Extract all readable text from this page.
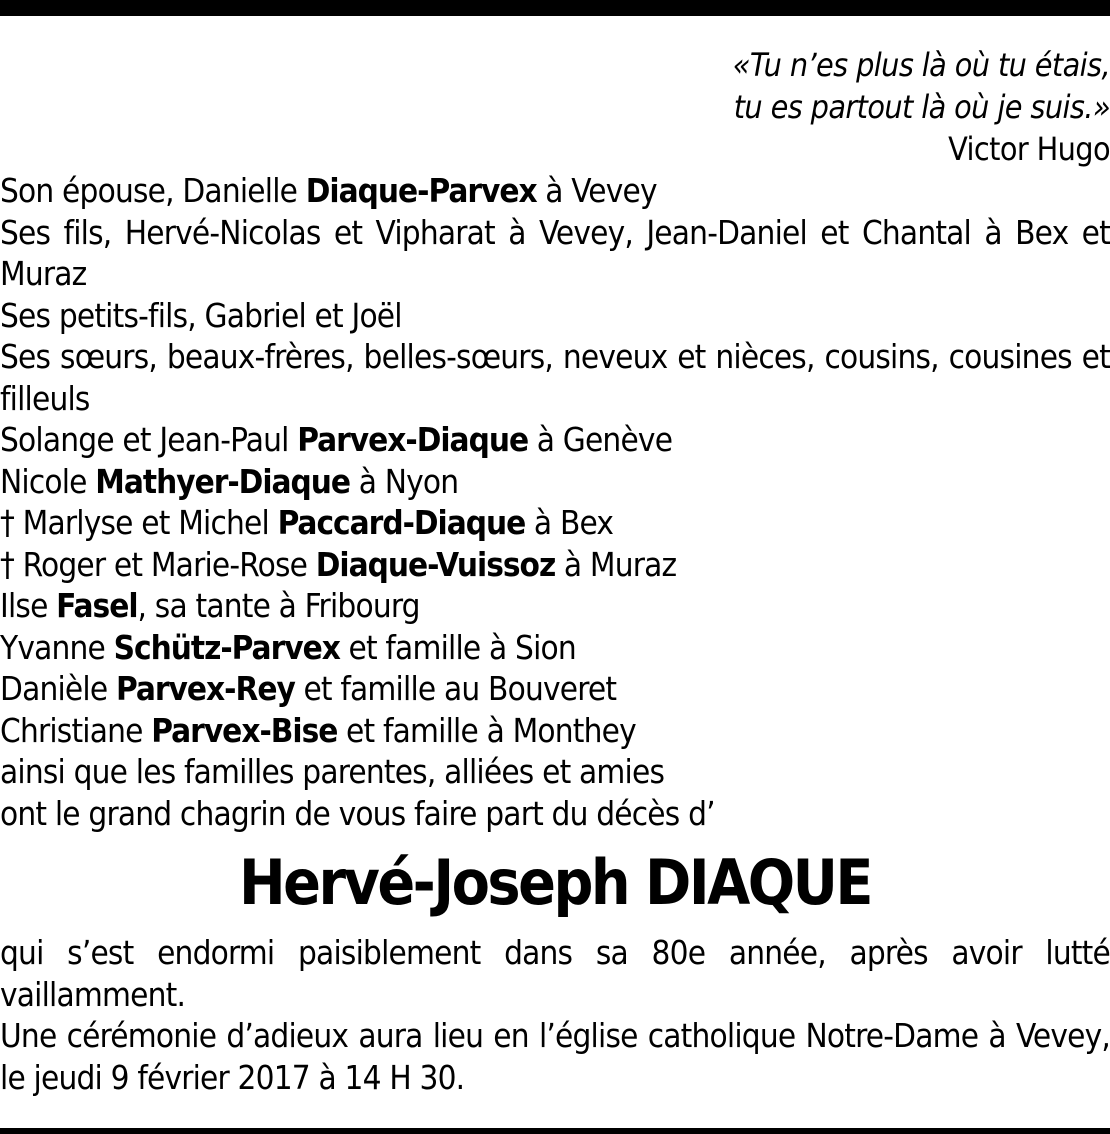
«Tu n’es plus là où tu étais,
tu es partout là où je suis.»
Victor Hugo
Son épouse, Danielle Diaque-Parvex à Vevey
Ses fils, Hervé-Nicolas et Vipharat à Vevey, Jean-Daniel et Chantal à Bex et Muraz
Ses petits-fils, Gabriel et Joël
Ses sœurs, beaux-frères, belles-sœurs, neveux et nièces, cousins, cousines et filleuls
Solange et Jean-Paul Parvex-Diaque à Genève
Nicole Mathyer-Diaque à Nyon
† Marlyse et Michel Paccard-Diaque à Bex
† Roger et Marie-Rose Diaque-Vuissoz à Muraz
Ilse Fasel, sa tante à Fribourg
Yvanne Schütz-Parvex et famille à Sion
Danièle Parvex-Rey et famille au Bouveret
Christiane Parvex-Bise et famille à Monthey
ainsi que les familles parentes, alliées et amies
ont le grand chagrin de vous faire part du décès d’
Hervé-Joseph DIAQUE
qui s’est endormi paisiblement dans sa 80e année, après avoir lutté vaillamment.
Une cérémonie d’adieux aura lieu en l’église catholique Notre-Dame à Vevey, le jeudi 9 février 2017 à 14 H 30.
